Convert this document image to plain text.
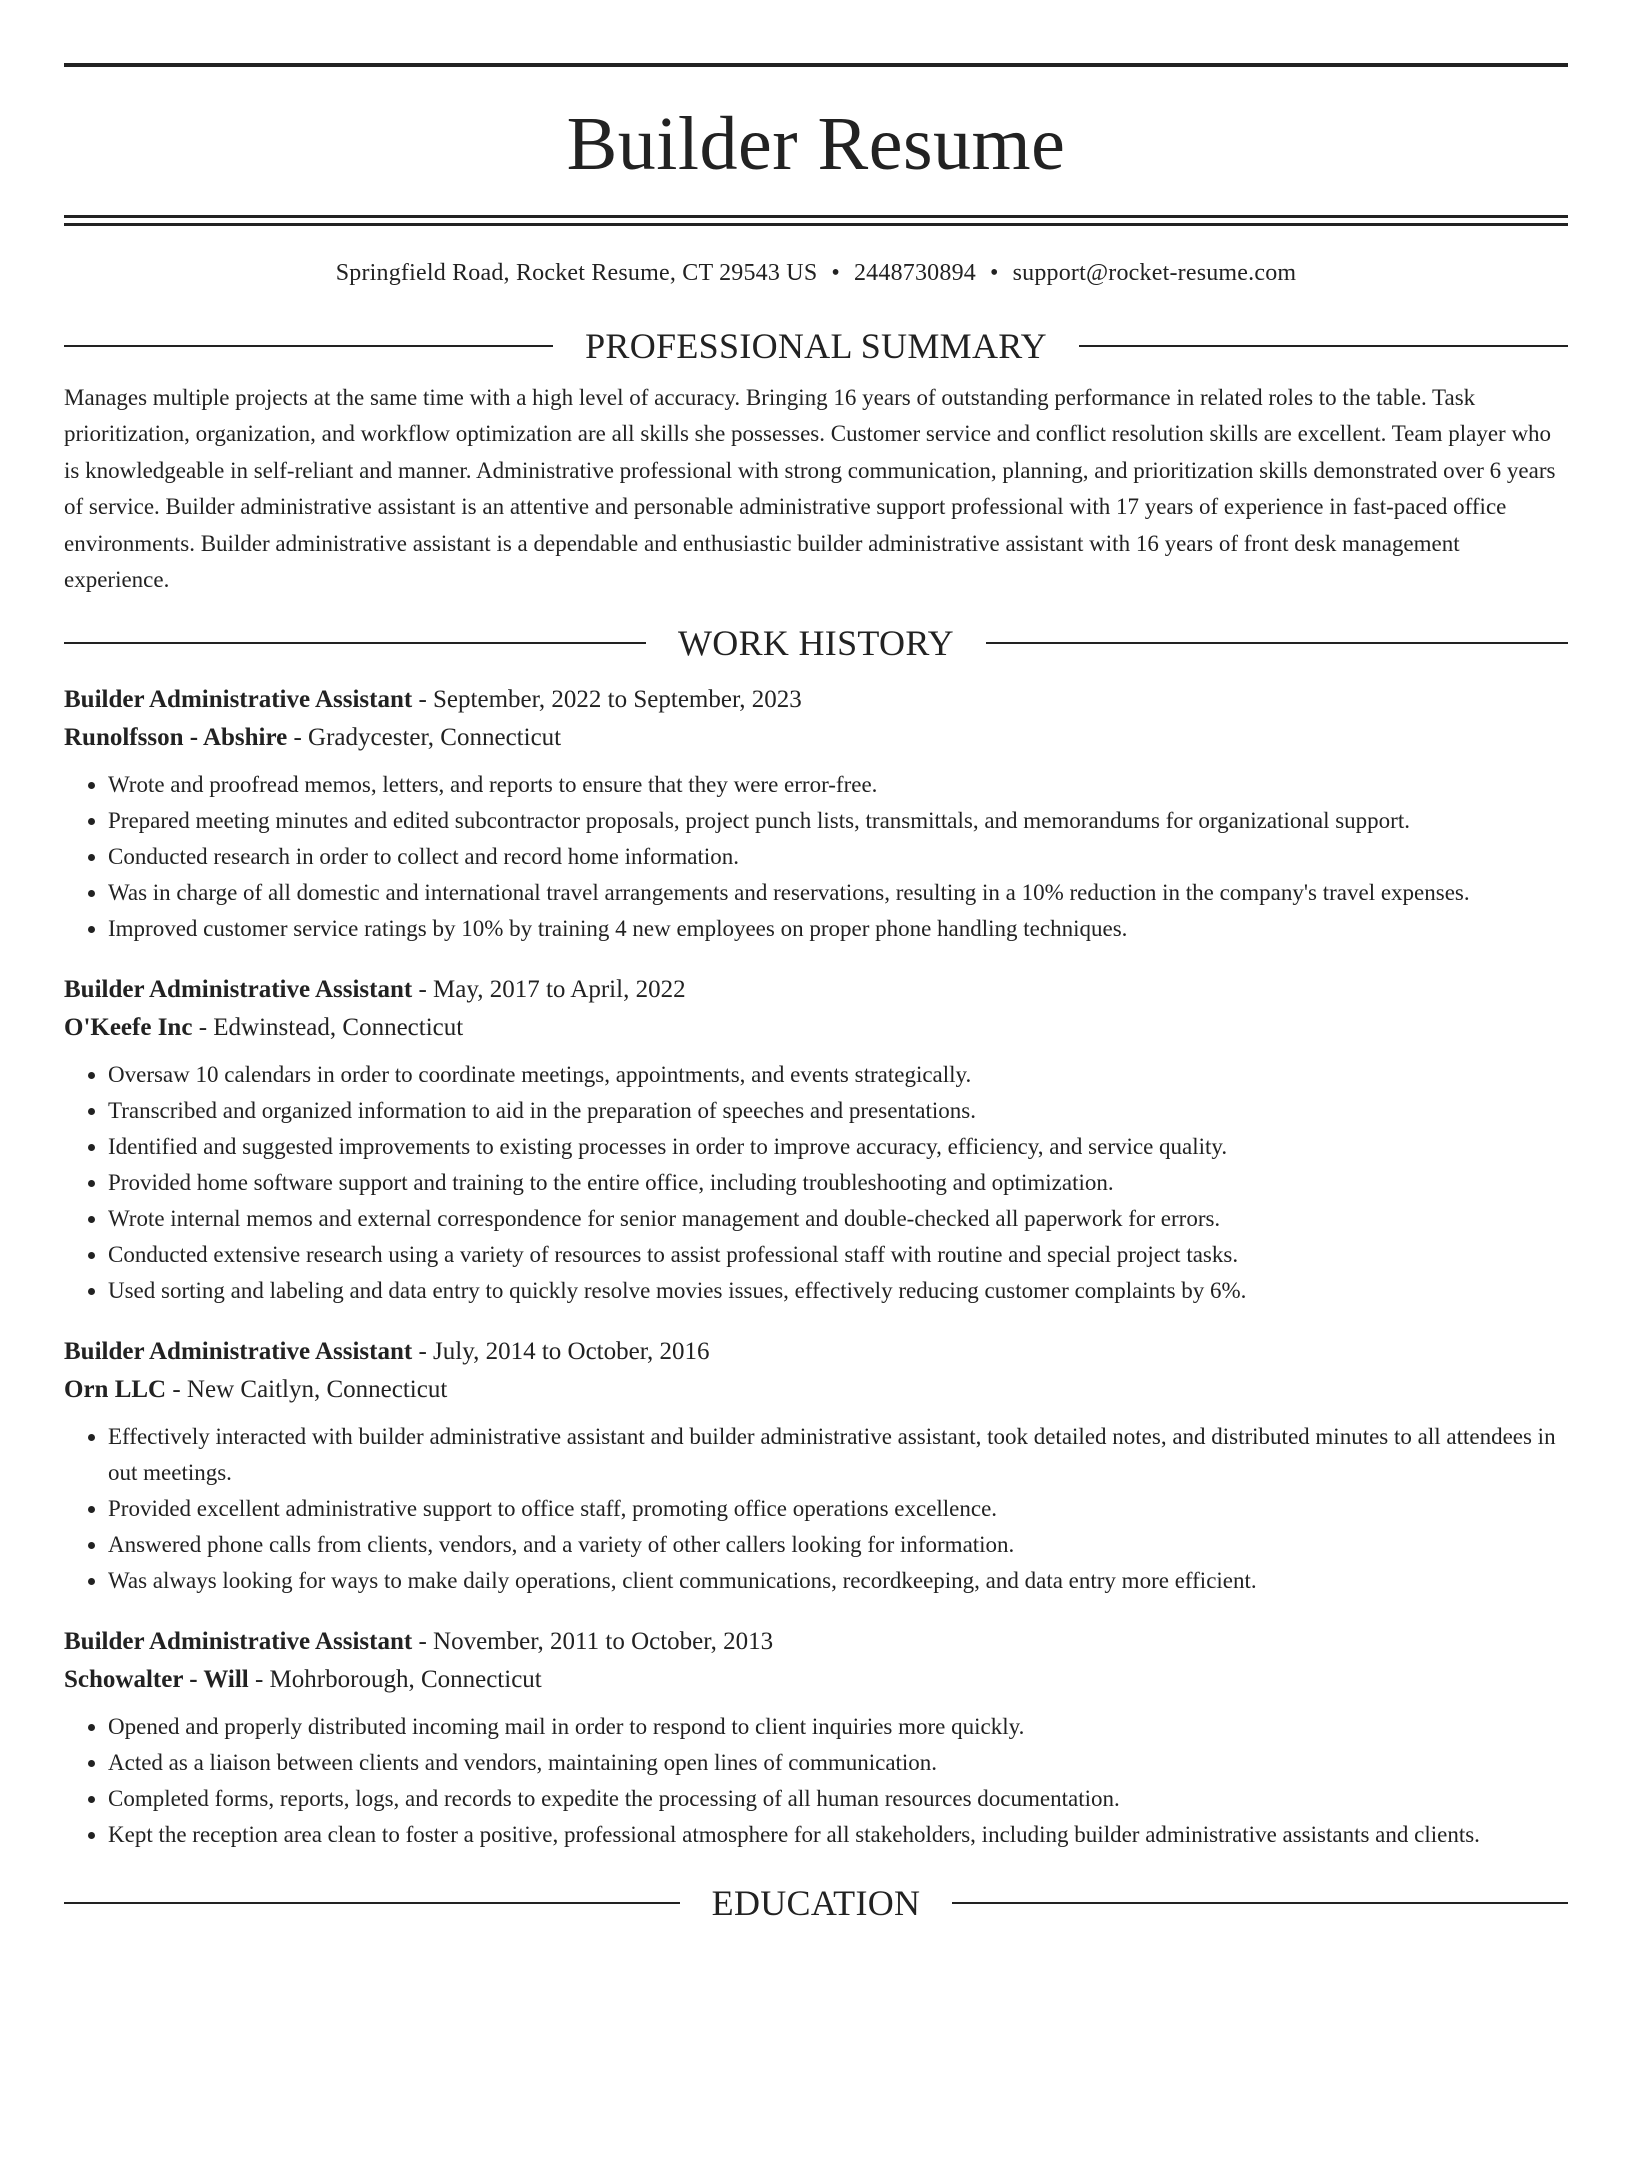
Builder Resume
Springfield Road, Rocket Resume, CT 29543 US • 2448730894 • support@rocket-resume.com
PROFESSIONAL SUMMARY

Manages multiple projects at the same time with a high level of accuracy. Bringing 16 years of outstanding performance in related roles to the table. Task prioritization, organization, and workflow optimization are all skills she possesses. Customer service and conflict resolution skills are excellent. Team player who is knowledgeable in self-reliant and manner. Administrative professional with strong communication, planning, and prioritization skills demonstrated over 6 years of service. Builder administrative assistant is an attentive and personable administrative support professional with 17 years of experience in fast-paced office environments. Builder administrative assistant is a dependable and enthusiastic builder administrative assistant with 16 years of front desk management experience.

WORK HISTORY
Builder Administrative Assistant - September, 2022 to September, 2023
Runolfsson - Abshire - Gradycester, Connecticut
• Wrote and proofread memos, letters, and reports to ensure that they were error-free.
• Prepared meeting minutes and edited subcontractor proposals, project punch lists, transmittals, and memorandums for organizational support.
• Conducted research in order to collect and record home information.
• Was in charge of all domestic and international travel arrangements and reservations, resulting in a 10% reduction in the company's travel expenses.
• Improved customer service ratings by 10% by training 4 new employees on proper phone handling techniques.
Builder Administrative Assistant - May, 2017 to April, 2022
O'Keefe Inc - Edwinstead, Connecticut
• Oversaw 10 calendars in order to coordinate meetings, appointments, and events strategically.
• Transcribed and organized information to aid in the preparation of speeches and presentations.
• Identified and suggested improvements to existing processes in order to improve accuracy, efficiency, and service quality.
• Provided home software support and training to the entire office, including troubleshooting and optimization.
• Wrote internal memos and external correspondence for senior management and double-checked all paperwork for errors.
• Conducted extensive research using a variety of resources to assist professional staff with routine and special project tasks.
• Used sorting and labeling and data entry to quickly resolve movies issues, effectively reducing customer complaints by 6%.
Builder Administrative Assistant - July, 2014 to October, 2016
Orn LLC - New Caitlyn, Connecticut
• Effectively interacted with builder administrative assistant and builder administrative assistant, took detailed notes, and distributed minutes to all attendees in out meetings.
• Provided excellent administrative support to office staff, promoting office operations excellence.
• Answered phone calls from clients, vendors, and a variety of other callers looking for information.
• Was always looking for ways to make daily operations, client communications, recordkeeping, and data entry more efficient.
Builder Administrative Assistant - November, 2011 to October, 2013
Schowalter - Will - Mohrborough, Connecticut
• Opened and properly distributed incoming mail in order to respond to client inquiries more quickly.
• Acted as a liaison between clients and vendors, maintaining open lines of communication.
• Completed forms, reports, logs, and records to expedite the processing of all human resources documentation.
• Kept the reception area clean to foster a positive, professional atmosphere for all stakeholders, including builder administrative assistants and clients.
EDUCATION
